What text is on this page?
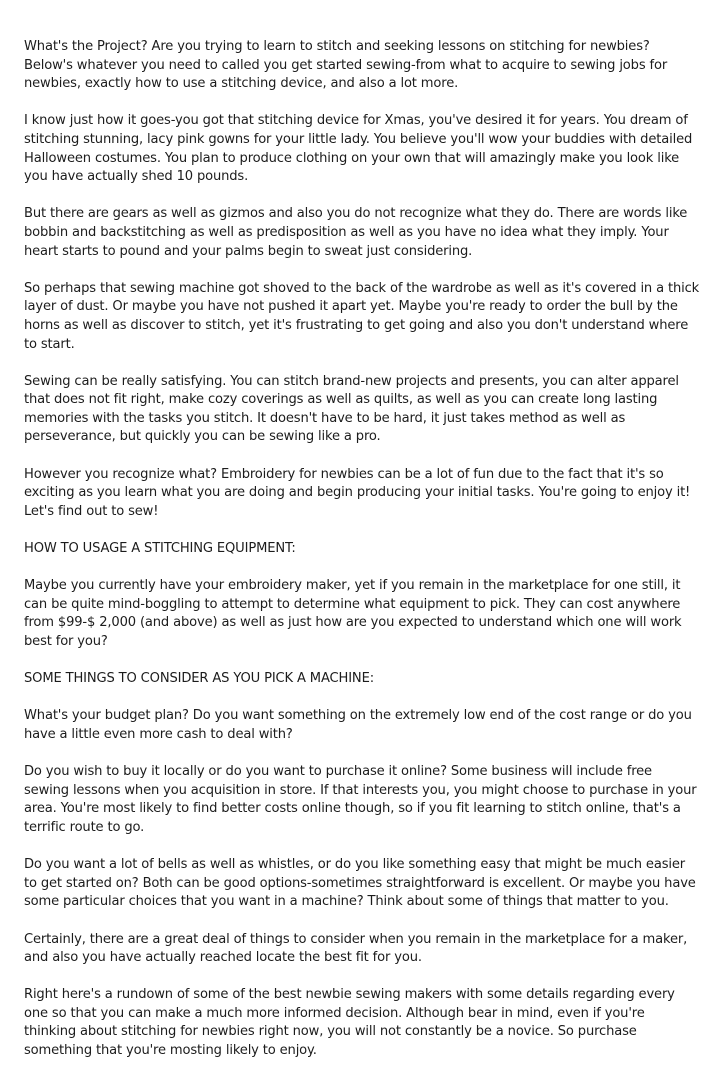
What's the Project? Are you trying to learn to stitch and seeking lessons on stitching for newbies? Below's whatever you need to called you get started sewing-from what to acquire to sewing jobs for newbies, exactly how to use a stitching device, and also a lot more.

I know just how it goes-you got that stitching device for Xmas, you've desired it for years. You dream of stitching stunning, lacy pink gowns for your little lady. You believe you'll wow your buddies with detailed Halloween costumes. You plan to produce clothing on your own that will amazingly make you look like you have actually shed 10 pounds.

But there are gears as well as gizmos and also you do not recognize what they do. There are words like bobbin and backstitching as well as predisposition as well as you have no idea what they imply. Your heart starts to pound and your palms begin to sweat just considering.

So perhaps that sewing machine got shoved to the back of the wardrobe as well as it's covered in a thick layer of dust. Or maybe you have not pushed it apart yet. Maybe you're ready to order the bull by the horns as well as discover to stitch, yet it's frustrating to get going and also you don't understand where to start.

Sewing can be really satisfying. You can stitch brand-new projects and presents, you can alter apparel that does not fit right, make cozy coverings as well as quilts, as well as you can create long lasting memories with the tasks you stitch. It doesn't have to be hard, it just takes method as well as perseverance, but quickly you can be sewing like a pro.

However you recognize what? Embroidery for newbies can be a lot of fun due to the fact that it's so exciting as you learn what you are doing and begin producing your initial tasks. You're going to enjoy it! Let's find out to sew!

HOW TO USAGE A STITCHING EQUIPMENT:

Maybe you currently have your embroidery maker, yet if you remain in the marketplace for one still, it can be quite mind-boggling to attempt to determine what equipment to pick. They can cost anywhere from $99-$ 2,000 (and above) as well as just how are you expected to understand which one will work best for you?

SOME THINGS TO CONSIDER AS YOU PICK A MACHINE:

What's your budget plan? Do you want something on the extremely low end of the cost range or do you have a little even more cash to deal with?

Do you wish to buy it locally or do you want to purchase it online? Some business will include free sewing lessons when you acquisition in store. If that interests you, you might choose to purchase in your area. You're most likely to find better costs online though, so if you fit learning to stitch online, that's a terrific route to go.

Do you want a lot of bells as well as whistles, or do you like something easy that might be much easier to get started on? Both can be good options-sometimes straightforward is excellent. Or maybe you have some particular choices that you want in a machine? Think about some of things that matter to you.

Certainly, there are a great deal of things to consider when you remain in the marketplace for a maker, and also you have actually reached locate the best fit for you.

Right here's a rundown of some of the best newbie sewing makers with some details regarding every one so that you can make a much more informed decision. Although bear in mind, even if you're thinking about stitching for newbies right now, you will not constantly be a novice. So purchase something that you're mosting likely to enjoy.
